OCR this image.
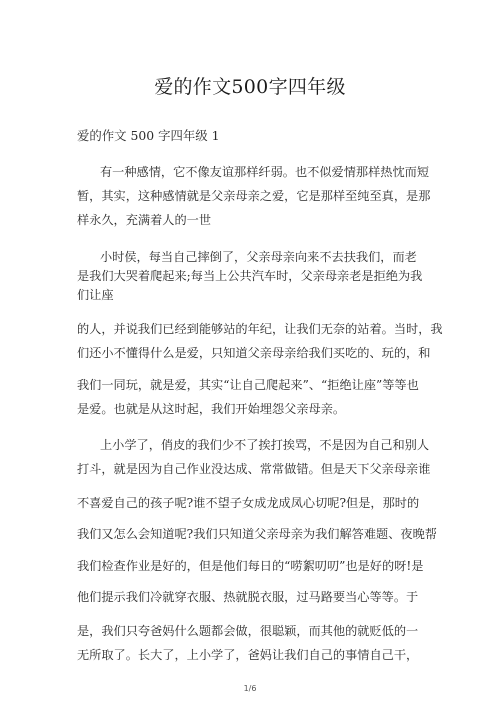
爱的作文500字四年级
爱的作文 500 字四年级 1
有一种感情，它不像友谊那样纤弱。也不似爱情那样热忱而短
暂，其实，这种感情就是父亲母亲之爱，它是那样至纯至真，是那
样永久，充满着人的一世
小时侯，每当自己摔倒了，父亲母亲向来不去扶我们，而老
是我们大哭着爬起来;每当上公共汽车时，父亲母亲老是拒绝为我
们让座
的人，并说我们已经到能够站的年纪，让我们无奈的站着。当时，我
们还小不懂得什么是爱，只知道父亲母亲给我们买吃的、玩的，和
我们一同玩，就是爱，其实“让自己爬起来”、“拒绝让座”等等也
是爱。也就是从这时起，我们开始埋怨父亲母亲。
上小学了，俏皮的我们少不了挨打挨骂，不是因为自己和别人
打斗，就是因为自己作业没达成、常常做错。但是天下父亲母亲谁
不喜爱自己的孩子呢?谁不望子女成龙成凤心切呢?但是，那时的
我们又怎么会知道呢?我们只知道父亲母亲为我们解答难题、夜晚帮
我们检查作业是好的，但是他们每日的“唠絮叨叨”也是好的呀!是
他们提示我们冷就穿衣服、热就脱衣服，过马路要当心等等。于
是，我们只夸爸妈什么题都会做，很聪颖，而其他的就贬低的一
无所取了。长大了，上小学了，爸妈让我们自己的事情自己干，
1/6
